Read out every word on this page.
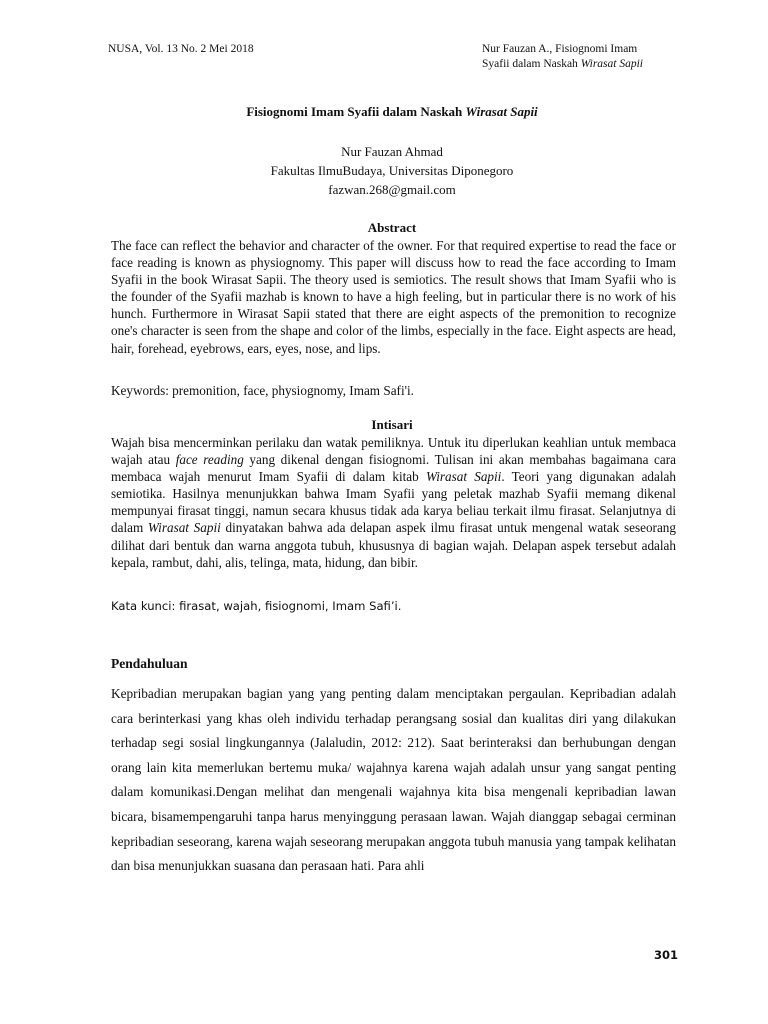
NUSA, Vol. 13 No. 2 Mei 2018	Nur Fauzan A., Fisiognomi Imam
Syafii dalam Naskah Wirasat Sapii
Fisiognomi Imam Syafii dalam Naskah Wirasat Sapii
Nur Fauzan Ahmad
Fakultas IlmuBudaya, Universitas Diponegoro
fazwan.268@gmail.com
Abstract
The face can reflect the behavior and character of the owner. For that required expertise to read the face or face reading is known as physiognomy. This paper will discuss how to read the face according to Imam Syafii in the book Wirasat Sapii. The theory used is semiotics. The result shows that Imam Syafii who is the founder of the Syafii mazhab is known to have a high feeling, but in particular there is no work of his hunch. Furthermore in Wirasat Sapii stated that there are eight aspects of the premonition to recognize one's character is seen from the shape and color of the limbs, especially in the face. Eight aspects are head, hair, forehead, eyebrows, ears, eyes, nose, and lips.
Keywords: premonition, face, physiognomy, Imam Safi'i.
Intisari
Wajah bisa mencerminkan perilaku dan watak pemiliknya. Untuk itu diperlukan keahlian untuk membaca wajah atau face reading yang dikenal dengan fisiognomi. Tulisan ini akan membahas bagaimana cara membaca wajah menurut Imam Syafii di dalam kitab Wirasat Sapii. Teori yang digunakan adalah semiotika. Hasilnya menunjukkan bahwa Imam Syafii yang peletak mazhab Syafii memang dikenal mempunyai firasat tinggi, namun secara khusus tidak ada karya beliau terkait ilmu firasat. Selanjutnya di dalam Wirasat Sapii dinyatakan bahwa ada delapan aspek ilmu firasat untuk mengenal watak seseorang dilihat dari bentuk dan warna anggota tubuh, khususnya di bagian wajah. Delapan aspek tersebut adalah kepala, rambut, dahi, alis, telinga, mata, hidung, dan bibir.
Kata kunci: firasat, wajah, fisiognomi, Imam Safi’i.
Pendahuluan
Kepribadian merupakan bagian yang yang penting dalam menciptakan pergaulan. Kepribadian adalah cara berinterkasi yang khas oleh individu terhadap perangsang sosial dan kualitas diri yang dilakukan terhadap segi sosial lingkungannya (Jalaludin, 2012: 212). Saat berinteraksi dan berhubungan dengan orang lain kita memerlukan bertemu muka/ wajahnya karena wajah adalah unsur yang sangat penting dalam komunikasi.Dengan melihat dan mengenali wajahnya kita bisa mengenali kepribadian lawan bicara, bisamempengaruhi tanpa harus menyinggung perasaan lawan. Wajah dianggap sebagai cerminan kepribadian seseorang, karena wajah seseorang merupakan anggota tubuh manusia yang tampak kelihatan dan bisa menunjukkan suasana dan perasaan hati. Para ahli
301
